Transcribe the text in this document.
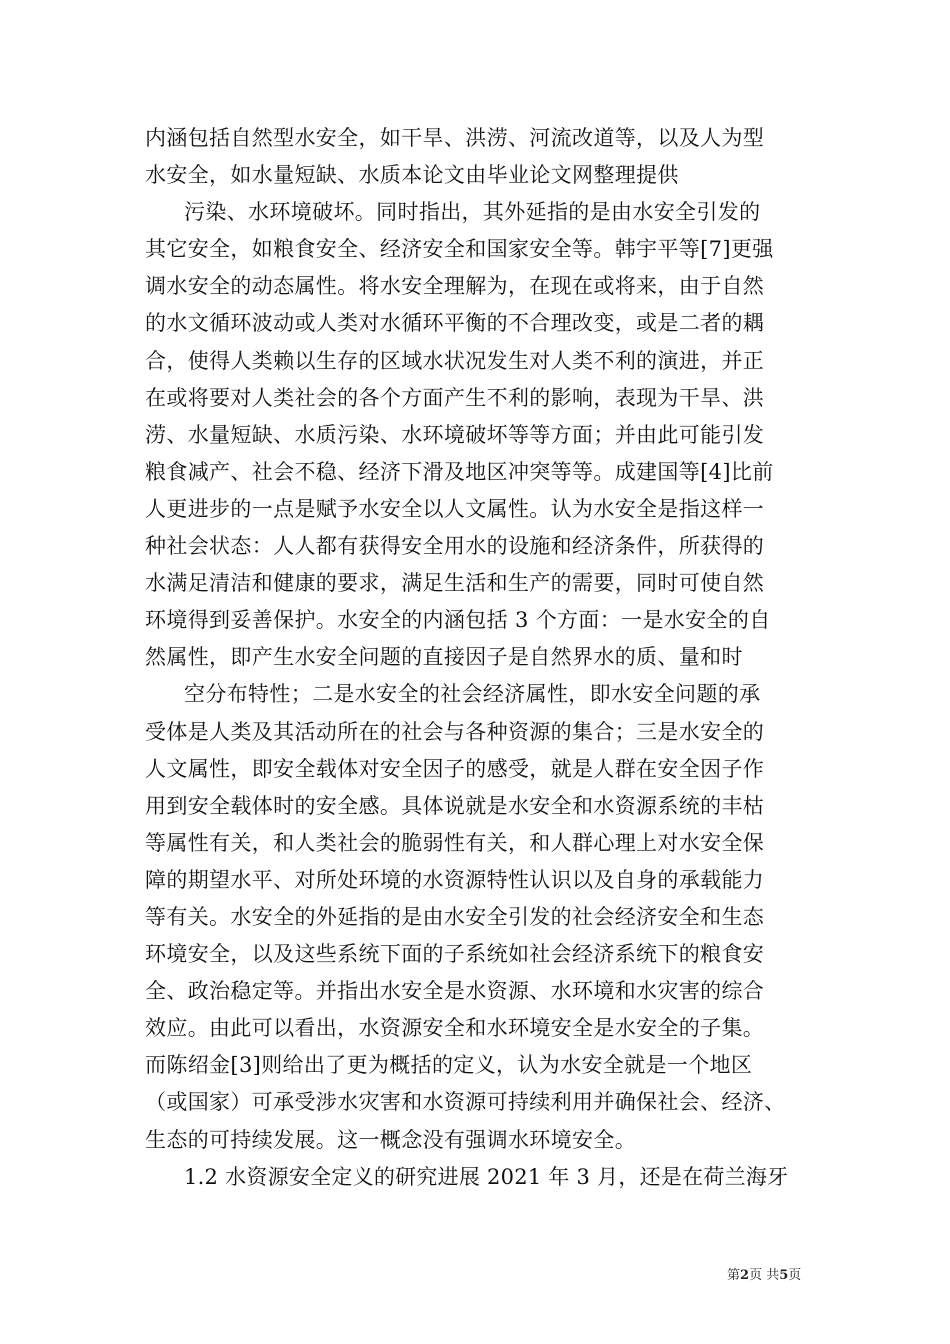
内涵包括自然型水安全，如干旱、洪涝、河流改道等，以及人为型
水安全，如水量短缺、水质本论文由毕业论文网整理提供
污染、水环境破坏。同时指出，其外延指的是由水安全引发的
其它安全，如粮食安全、经济安全和国家安全等。韩宇平等[7]更强
调水安全的动态属性。将水安全理解为，在现在或将来，由于自然
的水文循环波动或人类对水循环平衡的不合理改变，或是二者的耦
合，使得人类赖以生存的区域水状况发生对人类不利的演进，并正
在或将要对人类社会的各个方面产生不利的影响，表现为干旱、洪
涝、水量短缺、水质污染、水环境破坏等等方面；并由此可能引发
粮食减产、社会不稳、经济下滑及地区冲突等等。成建国等[4]比前
人更进步的一点是赋予水安全以人文属性。认为水安全是指这样一
种社会状态：人人都有获得安全用水的设施和经济条件，所获得的
水满足清洁和健康的要求，满足生活和生产的需要，同时可使自然
环境得到妥善保护。水安全的内涵包括 3 个方面：一是水安全的自
然属性，即产生水安全问题的直接因子是自然界水的质、量和时
空分布特性；二是水安全的社会经济属性，即水安全问题的承
受体是人类及其活动所在的社会与各种资源的集合；三是水安全的
人文属性，即安全载体对安全因子的感受，就是人群在安全因子作
用到安全载体时的安全感。具体说就是水安全和水资源系统的丰枯
等属性有关，和人类社会的脆弱性有关，和人群心理上对水安全保
障的期望水平、对所处环境的水资源特性认识以及自身的承载能力
等有关。水安全的外延指的是由水安全引发的社会经济安全和生态
环境安全，以及这些系统下面的子系统如社会经济系统下的粮食安
全、政治稳定等。并指出水安全是水资源、水环境和水灾害的综合
效应。由此可以看出，水资源安全和水环境安全是水安全的子集。
而陈绍金[3]则给出了更为概括的定义，认为水安全就是一个地区
（或国家）可承受涉水灾害和水资源可持续利用并确保社会、经济、
生态的可持续发展。这一概念没有强调水环境安全。
1.2 水资源安全定义的研究进展 2021 年 3 月，还是在荷兰海牙
第2页 共5页
